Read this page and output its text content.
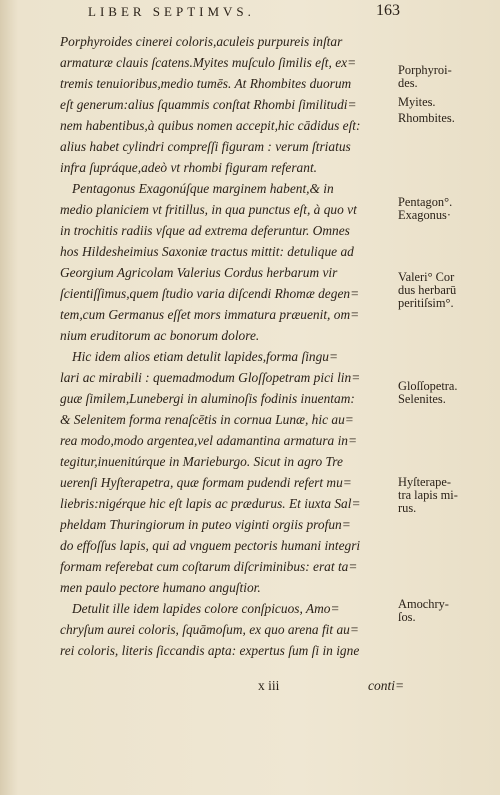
LIBER SEPTIMVS.	163
Porphyroides cinerei coloris,aculeis purpureis inſtar
armaturæ clauis ſcatens.Myites muſculo ſimilis eſt, ex=
tremis tenuioribus,medio tumēs. At Rhombites duorum
eſt generum:alius ſquammis conſtat Rhombi ſimilitudi=
nem habentibus,à quibus nomen accepit,hic cādidus eſt:
alius habet cylindri compreſſi figuram : verum ſtriatus
infra ſupráque,adeò vt rhombi figuram referant.
Pentagonus Exagonúſque marginem habent,& in
medio planiciem vt fritillus, in qua punctus eſt, à quo vt
in trochitis radiis vſque ad extrema deferuntur. Omnes
hos Hildesheimius Saxoniæ tractus mittit: detulique ad
Georgium Agricolam Valerius Cordus herbarum vir
ſcientiſſimus,quem ſtudio varia diſcendi Rhomæ degen=
tem,cum Germanus eſſet mors immatura præuenit, om=
nium eruditorum ac bonorum dolore.
Hic idem alios etiam detulit lapides,forma ſingu=
lari ac mirabili : quemadmodum Gloſſopetram pici lin=
guæ ſimilem,Lunebergi in aluminoſis fodinis inuentam:
& Selenitem forma renaſcētis in cornua Lunæ, hic au=
rea modo,modo argentea,vel adamantina armatura in=
tegitur,inuenitúrque in Marieburgo. Sicut in agro Tre
uerenſi Hyſterapetra, quæ formam pudendi refert mu=
liebris:nigérque hic eſt lapis ac prædurus. Et iuxta Sal=
pheldam Thuringiorum in puteo viginti orgiis profun=
do effoſſus lapis, qui ad vnguem pectoris humani integri
formam referebat cum coſtarum diſcriminibus: erat ta=
men paulo pectore humano anguſtior.
Detulit ille idem lapides colore conſpicuos, Amo=
chryſum aurei coloris, ſquāmoſum, ex quo arena fit au=
rei coloris, literis ſiccandis apta: expertus ſum ſi in igne
Porphyroi-
des.
Myites.
Rhombites.
Pentagon°.
Exagonus·
Valeri° Cor
dus herbarū
peritiſsim°.
Gloſſopetra.
Selenites.
Hyſterape-
tra lapis mi-
rus.
Amochry-
ſos.
x iii	conti=
